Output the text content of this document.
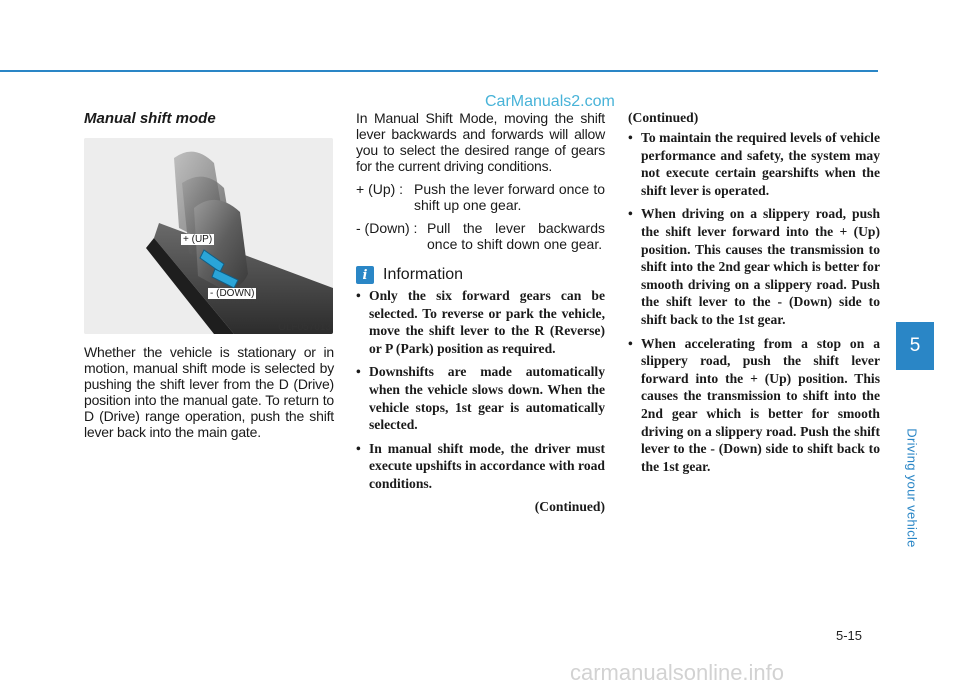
CarManuals2.com
Manual shift mode
+ (UP)
- (DOWN)
OLF057013
Whether the vehicle is stationary or in motion, manual shift mode is selected by pushing the shift lever from the D (Drive) position into the manual gate. To return to D (Drive) range operation, push the shift lever back into the main gate.
In Manual Shift Mode, moving the shift lever backwards and forwards will allow you to select the desired range of gears for the current driving conditions.
+ (Up) : Push the lever forward once to shift up one gear.
- (Down) : Pull the lever backwards once to shift down one gear.
i Information
• Only the six forward gears can be selected. To reverse or park the vehicle, move the shift lever to the R (Reverse) or P (Park) position as required.
• Downshifts are made automatically when the vehicle slows down. When the vehicle stops, 1st gear is automatically selected.
• In manual shift mode, the driver must execute upshifts in accordance with road conditions.
(Continued)
(Continued)
• To maintain the required levels of vehicle performance and safety, the system may not execute certain gearshifts when the shift lever is operated.
• When driving on a slippery road, push the shift lever forward into the + (Up) position. This causes the transmission to shift into the 2nd gear which is better for smooth driving on a slippery road. Push the shift lever to the - (Down) side to shift back to the 1st gear.
• When accelerating from a stop on a slippery road, push the shift lever forward into the + (Up) position. This causes the transmission to shift into the 2nd gear which is better for smooth driving on a slippery road. Push the shift lever to the - (Down) side to shift back to the 1st gear.
5
Driving your vehicle
5-15
carmanualsonline.info
